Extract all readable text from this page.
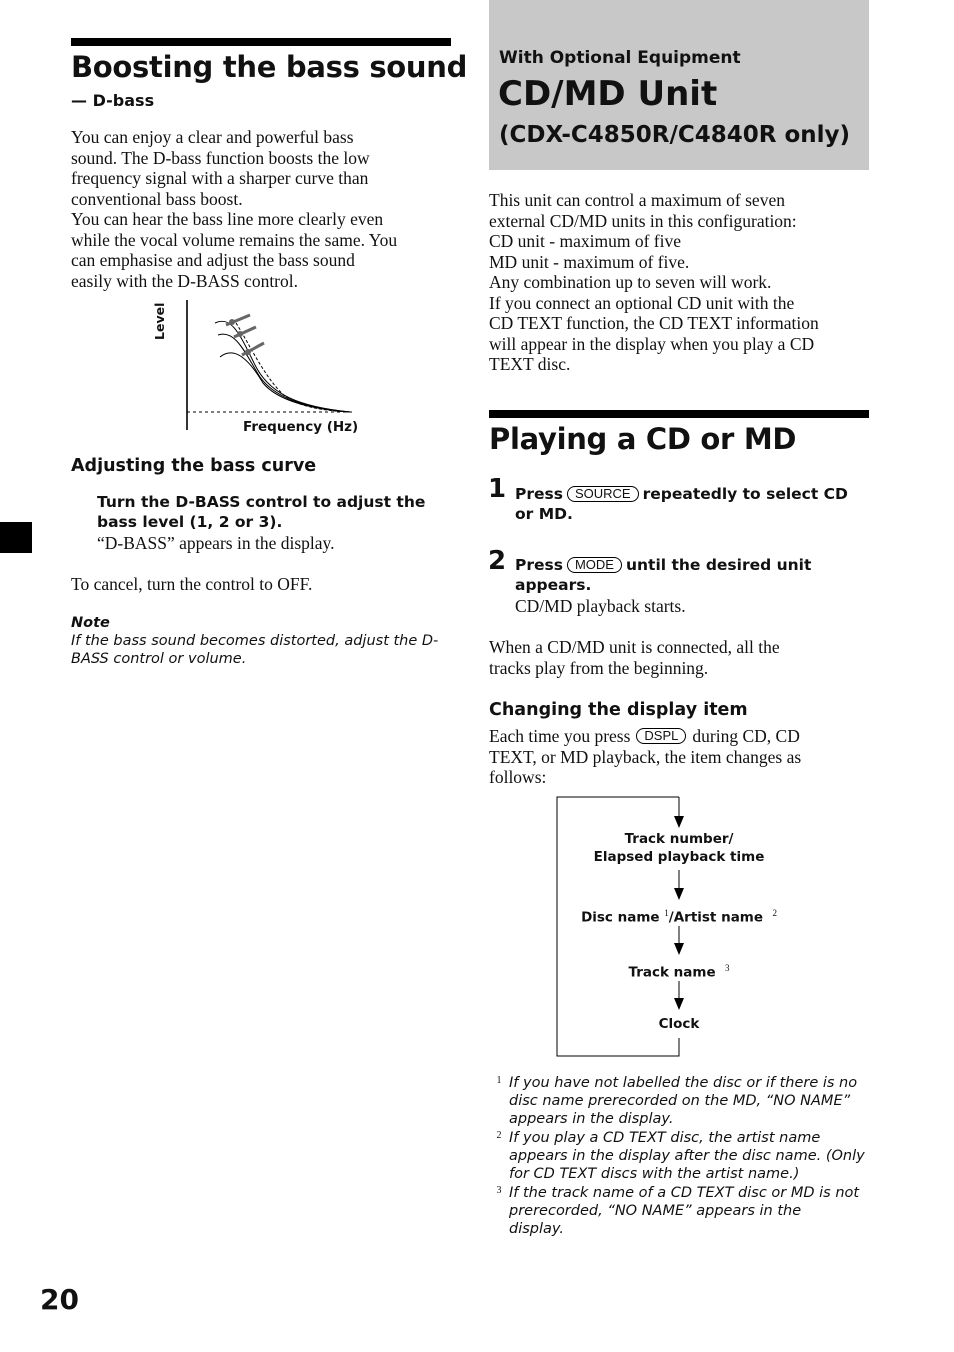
Boosting the bass sound
— D-bass
You can enjoy a clear and powerful bass
sound. The D-bass function boosts the low
frequency signal with a sharper curve than
conventional bass boost.
You can hear the bass line more clearly even
while the vocal volume remains the same. You
can emphasise and adjust the bass sound
easily with the D-BASS control.
Level
Frequency (Hz)
Adjusting the bass curve
Turn the D-BASS control to adjust the
bass level (1, 2 or 3).
“D-BASS” appears in the display.
To cancel, turn the control to OFF.
Note
If the bass sound becomes distorted, adjust the D-
BASS control or volume.
With Optional Equipment
CD/MD Unit
(CDX-C4850R/C4840R only)
This unit can control a maximum of seven
external CD/MD units in this configuration:
CD unit - maximum of five
MD unit - maximum of five.
Any combination up to seven will work.
If you connect an optional CD unit with the
CD TEXT function, the CD TEXT information
will appear in the display when you play a CD
TEXT disc.
Playing a CD or MD
1 Press SOURCE repeatedly to select CD
or MD.
2 Press MODE until the desired unit
appears.
CD/MD playback starts.
When a CD/MD unit is connected, all the
tracks play from the beginning.
Changing the display item
Each time you press DSPL during CD, CD
TEXT, or MD playback, the item changes as
follows:
Track number/
Elapsed playback time
Disc name $^1$/Artist name $^2$
Track name $^3$
Clock
1 If you have not labelled the disc or if there is no
disc name prerecorded on the MD, “NO NAME”
appears in the display.
2 If you play a CD TEXT disc, the artist name
appears in the display after the disc name. (Only
for CD TEXT discs with the artist name.)
3 If the track name of a CD TEXT disc or MD is not
prerecorded, “NO NAME” appears in the
display.
20
